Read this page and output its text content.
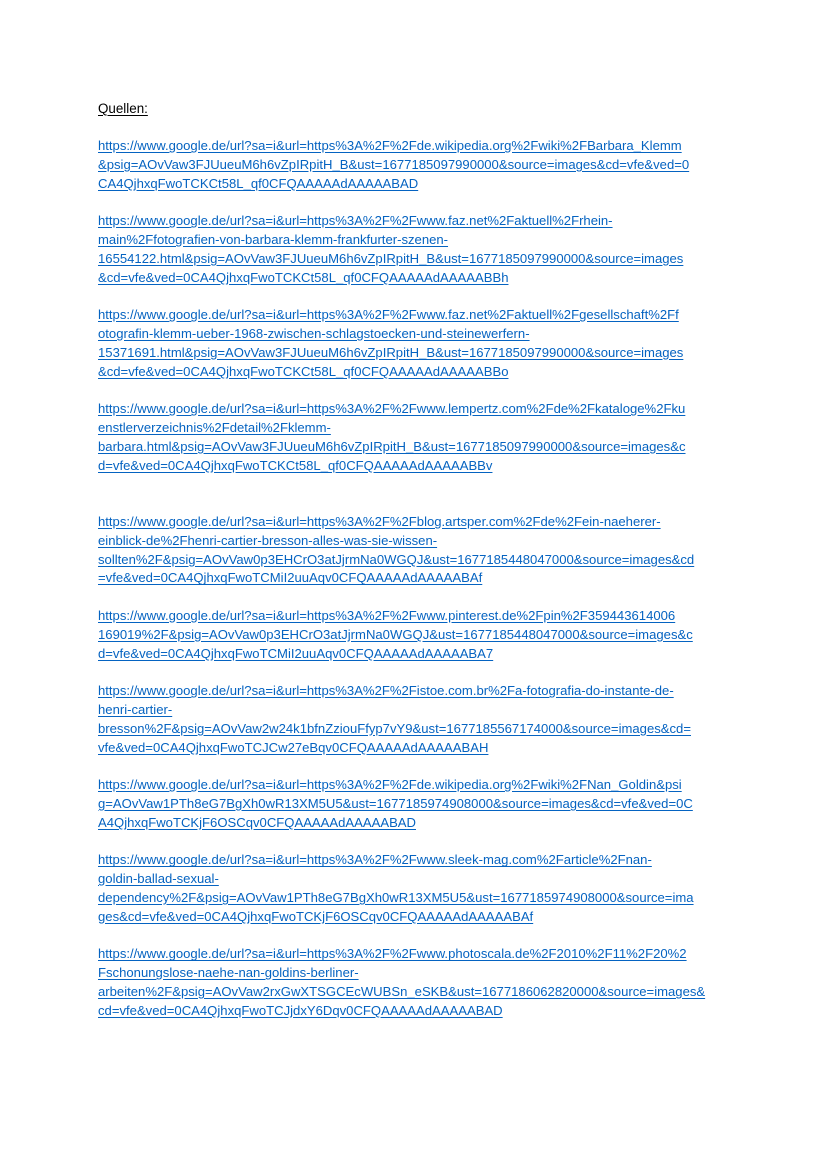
Quellen:

https://www.google.de/url?sa=i&url=https%3A%2F%2Fde.wikipedia.org%2Fwiki%2FBarbara_Klemm
&psig=AOvVaw3FJUueuM6h6vZpIRpitH_B&ust=1677185097990000&source=images&cd=vfe&ved=0
CA4QjhxqFwoTCKCt58L_qf0CFQAAAAAdAAAAABAD
https://www.google.de/url?sa=i&url=https%3A%2F%2Fwww.faz.net%2Faktuell%2Frhein-
main%2Ffotografien-von-barbara-klemm-frankfurter-szenen-
16554122.html&psig=AOvVaw3FJUueuM6h6vZpIRpitH_B&ust=1677185097990000&source=images
&cd=vfe&ved=0CA4QjhxqFwoTCKCt58L_qf0CFQAAAAAdAAAAABBh
https://www.google.de/url?sa=i&url=https%3A%2F%2Fwww.faz.net%2Faktuell%2Fgesellschaft%2Ff
otografin-klemm-ueber-1968-zwischen-schlagstoecken-und-steinewerfern-
15371691.html&psig=AOvVaw3FJUueuM6h6vZpIRpitH_B&ust=1677185097990000&source=images
&cd=vfe&ved=0CA4QjhxqFwoTCKCt58L_qf0CFQAAAAAdAAAAABBo
https://www.google.de/url?sa=i&url=https%3A%2F%2Fwww.lempertz.com%2Fde%2Fkataloge%2Fku
enstlerverzeichnis%2Fdetail%2Fklemm-
barbara.html&psig=AOvVaw3FJUueuM6h6vZpIRpitH_B&ust=1677185097990000&source=images&c
d=vfe&ved=0CA4QjhxqFwoTCKCt58L_qf0CFQAAAAAdAAAAABBv
https://www.google.de/url?sa=i&url=https%3A%2F%2Fblog.artsper.com%2Fde%2Fein-naeherer-
einblick-de%2Fhenri-cartier-bresson-alles-was-sie-wissen-
sollten%2F&psig=AOvVaw0p3EHCrO3atJjrmNa0WGQJ&ust=1677185448047000&source=images&cd
=vfe&ved=0CA4QjhxqFwoTCMiI2uuAqv0CFQAAAAAdAAAAABAf
https://www.google.de/url?sa=i&url=https%3A%2F%2Fwww.pinterest.de%2Fpin%2F359443614006
169019%2F&psig=AOvVaw0p3EHCrO3atJjrmNa0WGQJ&ust=1677185448047000&source=images&c
d=vfe&ved=0CA4QjhxqFwoTCMiI2uuAqv0CFQAAAAAdAAAAABA7
https://www.google.de/url?sa=i&url=https%3A%2F%2Fistoe.com.br%2Fa-fotografia-do-instante-de-
henri-cartier-
bresson%2F&psig=AOvVaw2w24k1bfnZziouFfyp7vY9&ust=1677185567174000&source=images&cd=
vfe&ved=0CA4QjhxqFwoTCJCw27eBqv0CFQAAAAAdAAAAABAH
https://www.google.de/url?sa=i&url=https%3A%2F%2Fde.wikipedia.org%2Fwiki%2FNan_Goldin&psi
g=AOvVaw1PTh8eG7BgXh0wR13XM5U5&ust=1677185974908000&source=images&cd=vfe&ved=0C
A4QjhxqFwoTCKjF6OSCqv0CFQAAAAAdAAAAABAD
https://www.google.de/url?sa=i&url=https%3A%2F%2Fwww.sleek-mag.com%2Farticle%2Fnan-
goldin-ballad-sexual-
dependency%2F&psig=AOvVaw1PTh8eG7BgXh0wR13XM5U5&ust=1677185974908000&source=ima
ges&cd=vfe&ved=0CA4QjhxqFwoTCKjF6OSCqv0CFQAAAAAdAAAAABAf
https://www.google.de/url?sa=i&url=https%3A%2F%2Fwww.photoscala.de%2F2010%2F11%2F20%2
Fschonungslose-naehe-nan-goldins-berliner-
arbeiten%2F&psig=AOvVaw2rxGwXTSGCEcWUBSn_eSKB&ust=1677186062820000&source=images&
cd=vfe&ved=0CA4QjhxqFwoTCJjdxY6Dqv0CFQAAAAAdAAAAABAD
